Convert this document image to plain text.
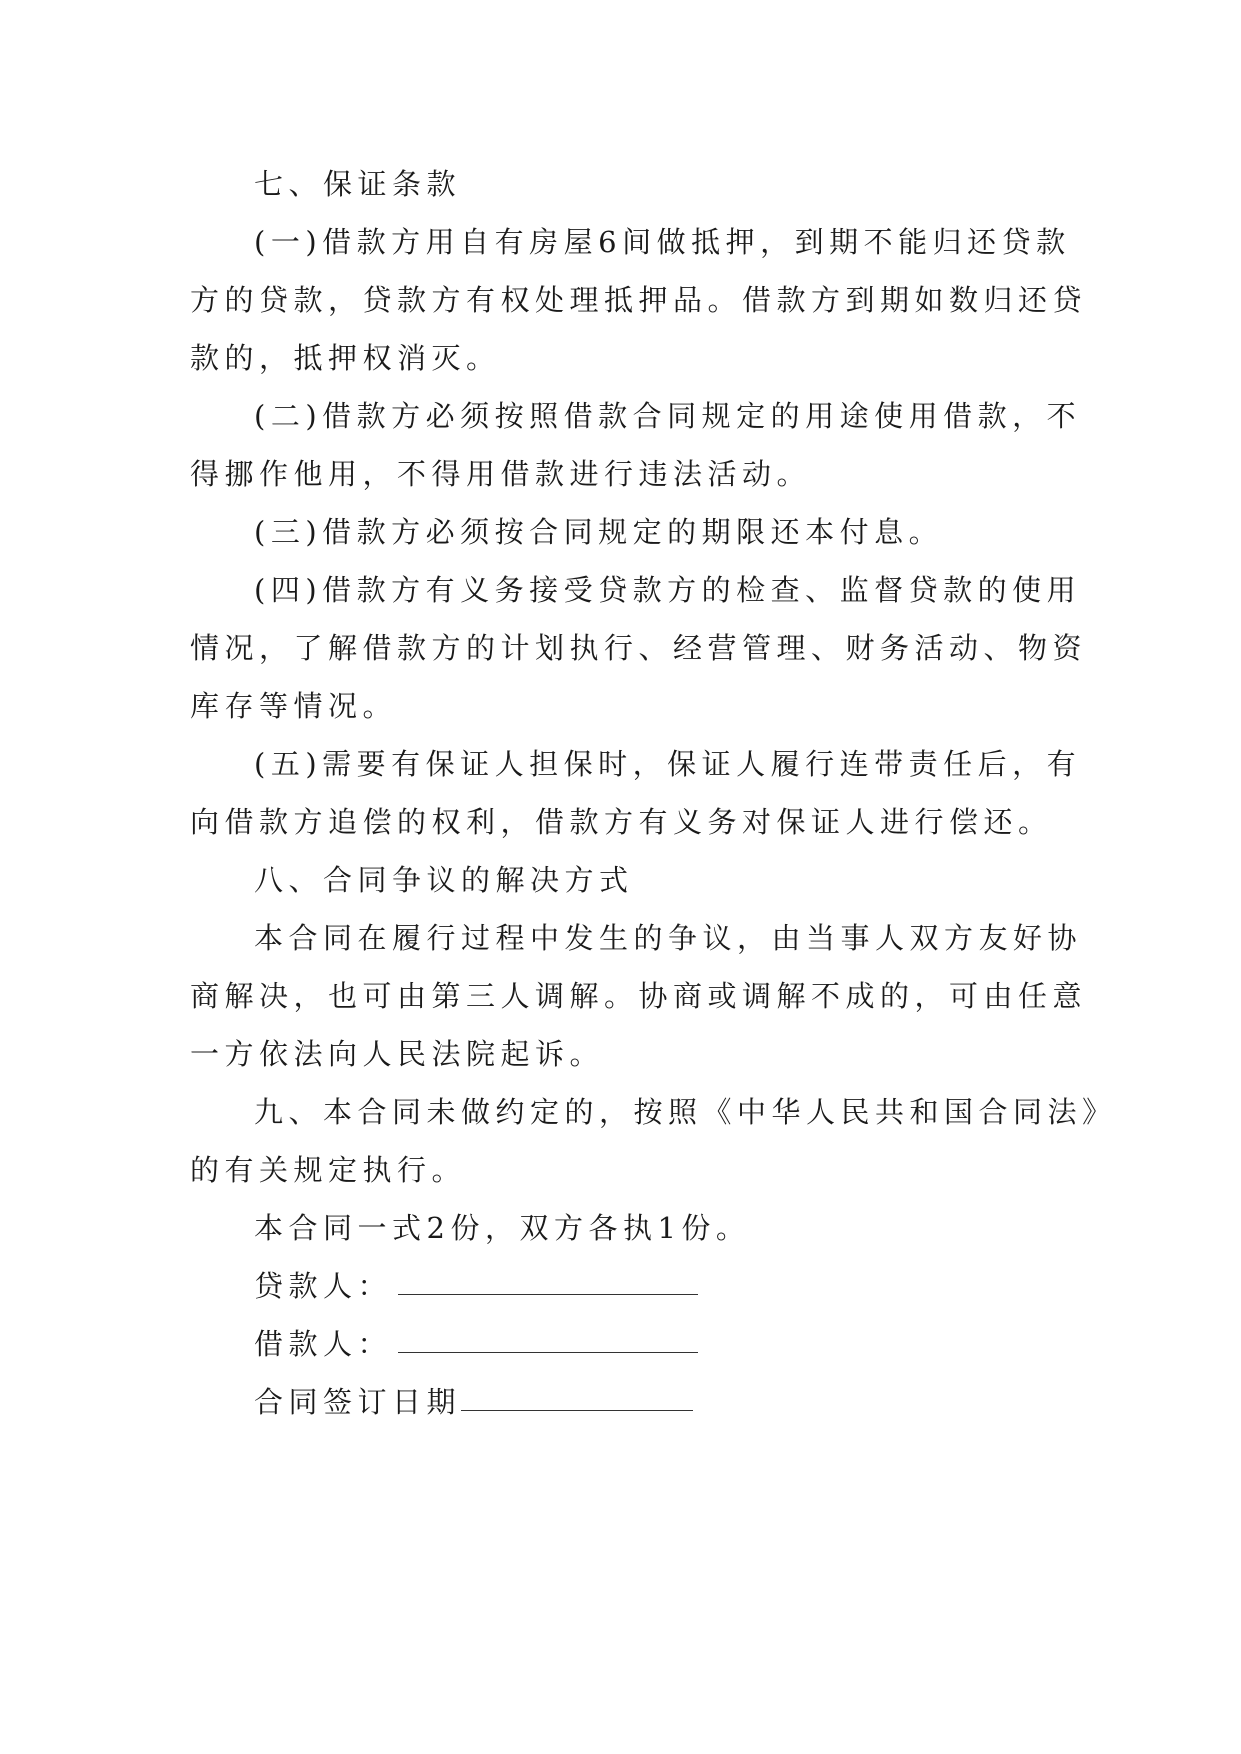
七、保证条款
(一)借款方用自有房屋6间做抵押，到期不能归还贷款
方的贷款，贷款方有权处理抵押品。借款方到期如数归还贷
款的，抵押权消灭。
(二)借款方必须按照借款合同规定的用途使用借款，不
得挪作他用，不得用借款进行违法活动。
(三)借款方必须按合同规定的期限还本付息。
(四)借款方有义务接受贷款方的检查、监督贷款的使用
情况，了解借款方的计划执行、经营管理、财务活动、物资
库存等情况。
(五)需要有保证人担保时，保证人履行连带责任后，有
向借款方追偿的权利，借款方有义务对保证人进行偿还。
八、合同争议的解决方式
本合同在履行过程中发生的争议，由当事人双方友好协
商解决，也可由第三人调解。协商或调解不成的，可由任意
一方依法向人民法院起诉。
九、本合同未做约定的，按照《中华人民共和国合同法》
的有关规定执行。
本合同一式2份，双方各执1份。
贷款人：
借款人：
合同签订日期
